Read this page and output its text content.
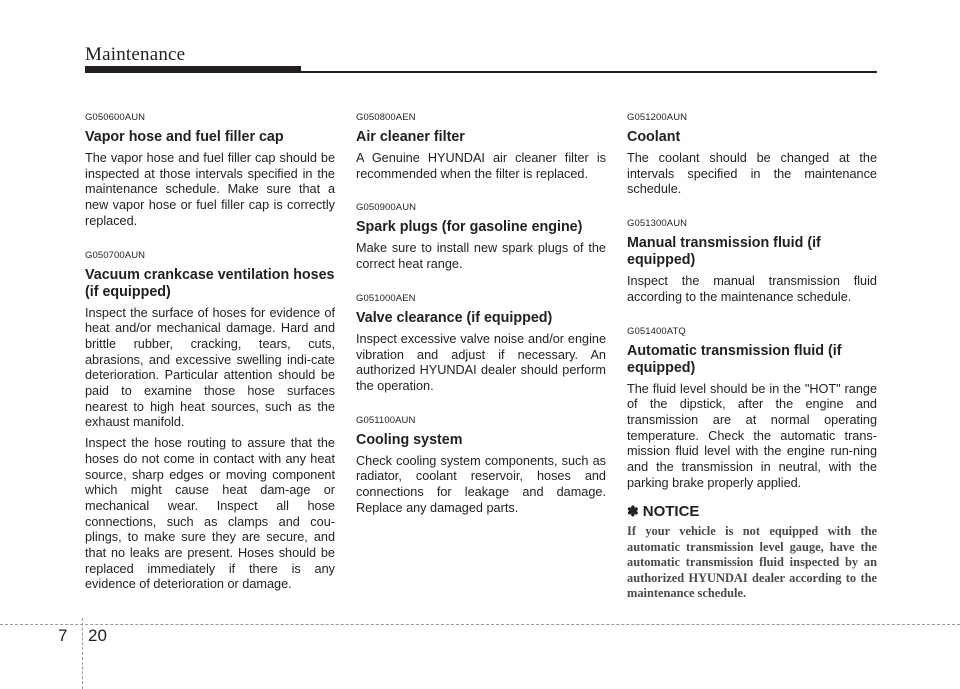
Maintenance
G050600AUN
Vapor hose and fuel filler cap

The vapor hose and fuel filler cap should be inspected at those intervals specified in the maintenance schedule. Make sure that a new vapor hose or fuel filler cap is correctly replaced.

G050700AUN
Vacuum crankcase ventilation hoses (if equipped)

Inspect the surface of hoses for evidence of heat and/or mechanical damage. Hard and brittle rubber, cracking, tears, cuts, abrasions, and excessive swelling indi-cate deterioration. Particular attention should be paid to examine those hose surfaces nearest to high heat sources, such as the exhaust manifold.

Inspect the hose routing to assure that the hoses do not come in contact with any heat source, sharp edges or moving component which might cause heat dam-age or mechanical wear. Inspect all hose connections, such as clamps and cou-plings, to make sure they are secure, and that no leaks are present. Hoses should be replaced immediately if there is any evidence of deterioration or damage.

G050800AEN
Air cleaner filter

A Genuine HYUNDAI air cleaner filter is recommended when the filter is replaced.

G050900AUN
Spark plugs (for gasoline engine)

Make sure to install new spark plugs of the correct heat range.

G051000AEN
Valve clearance (if equipped)

Inspect excessive valve noise and/or engine vibration and adjust if necessary. An authorized HYUNDAI dealer should perform the operation.

G051100AUN
Cooling system

Check cooling system components, such as radiator, coolant reservoir, hoses and connections for leakage and damage. Replace any damaged parts.

G051200AUN
Coolant

The coolant should be changed at the intervals specified in the maintenance schedule.

G051300AUN
Manual transmission fluid (if equipped)

Inspect the manual transmission fluid according to the maintenance schedule.

G051400ATQ
Automatic transmission fluid (if equipped)

The fluid level should be in the "HOT" range of the dipstick, after the engine and transmission are at normal operating temperature. Check the automatic trans-mission fluid level with the engine run-ning and the transmission in neutral, with the parking brake properly applied.

✽ NOTICE

If your vehicle is not equipped with the automatic transmission level gauge, have the automatic transmission fluid inspected by an authorized HYUNDAI dealer according to the maintenance schedule.

7 20
